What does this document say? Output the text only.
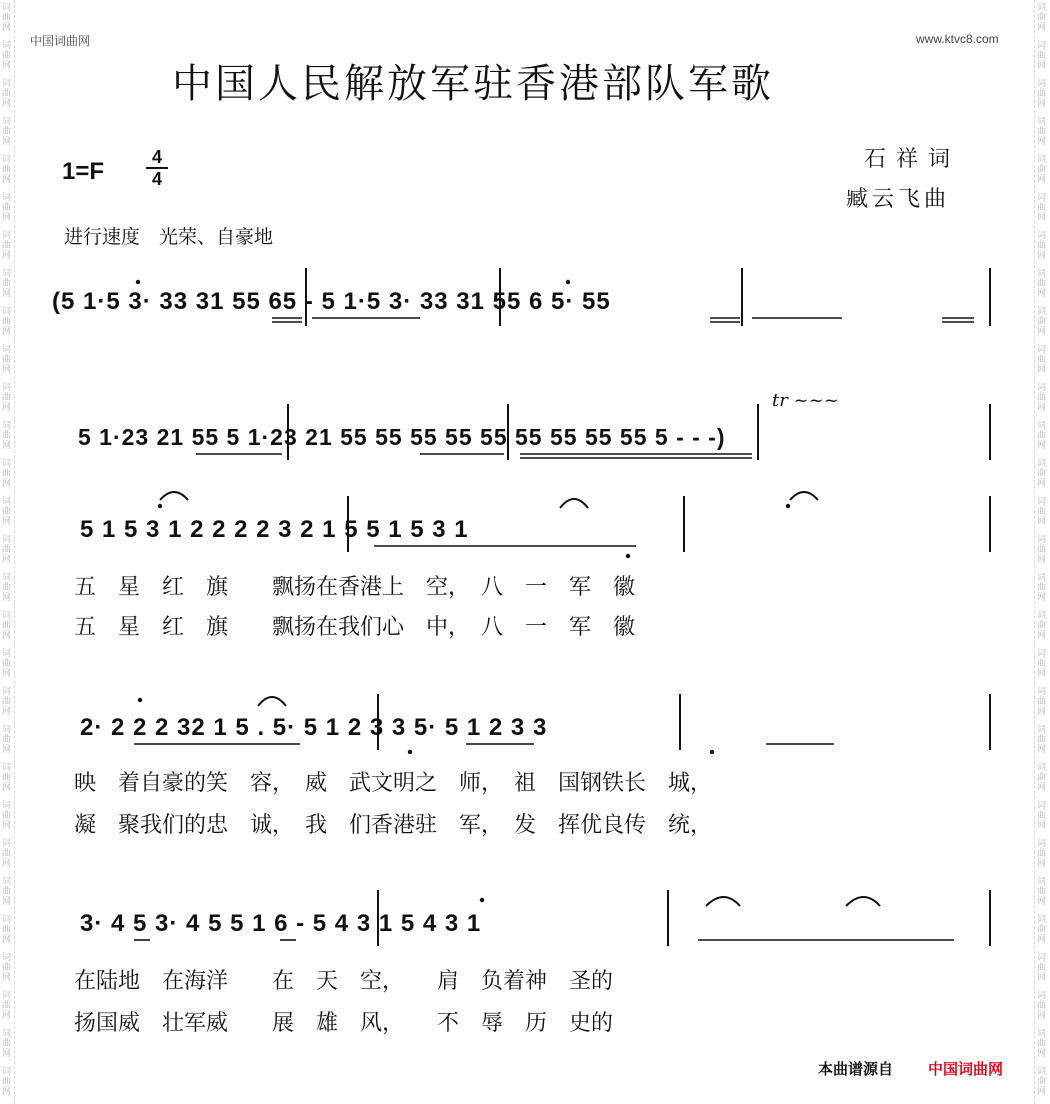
词
曲
网
词
曲
网
词
曲
网
词
曲
网
词
曲
网
词
曲
网
词
曲
网
词
曲
网
词
曲
网
词
曲
网
词
曲
网
词
曲
网
词
曲
网
词
曲
网
词
曲
网
词
曲
网
词
曲
网
词
曲
网
词
曲
网
词
曲
网
词
曲
网
词
曲
网
词
曲
网
词
曲
网
词
曲
网
词
曲
网
词
曲
网
词
曲
网
词
曲
网
词
曲
网
词
曲
网
词
曲
网
词
曲
网
词
曲
网
词
曲
网
词
曲
网
词
曲
网
词
曲
网
词
曲
网
词
曲
网
词
曲
网
词
曲
网
词
曲
网
词
曲
网
词
曲
网
词
曲
网
词
曲
网
词
曲
网
词
曲
网
词
曲
网
词
曲
网
词
曲
网
词
曲
网
词
曲
网
词
曲
网
词
曲
网
词
曲
网
词
曲
网
中国词曲网	www.ktvc8.com
中国人民解放军驻香港部队军歌
石祥词
臧云飞曲
1=F
4
4
进行速度　光荣、自豪地
(5 1·5 3· 33 31 55 65 - 5 1·5 3· 33 31 55 6 5· 55
tr ~~~
5 1·23 21 55 5 1·23 21 55 55 55 55 55 55 55 55 55 5 - - -)
5 1 5 3 1 2 2 2 2 3 2 1 5 5 1 5 3 1
五　星　红　旗　　飘扬在香港上　空，　八　一　军　徽
五　星　红　旗　　飘扬在我们心　中，　八　一　军　徽
2· 2 2 2 32 1 5 . 5· 5 1 2 3 3 5· 5 1 2 3 3
映　着自豪的笑　容，　威　武文明之　师，　祖　国钢铁长　城，
凝　聚我们的忠　诚，　我　们香港驻　军，　发　挥优良传　统，
3· 4 5 3· 4 5 5 1 6 - 5 4 3 1 5 4 3 1
在陆地　在海洋　　在　天　空，　　肩　负着神　圣的
扬国威　壮军威　　展　雄　风，　　不　辱　历　史的
本曲谱源自 中国词曲网
